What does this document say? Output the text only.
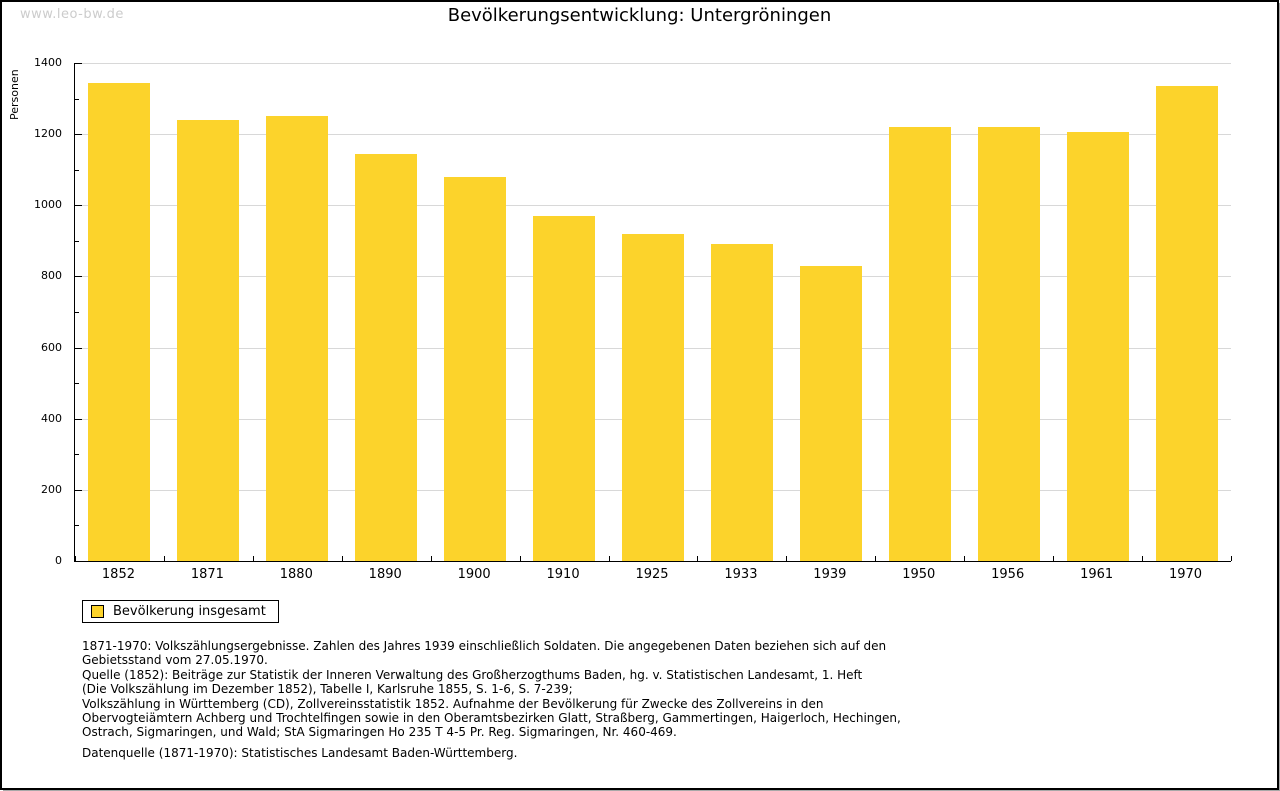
www.leo-bw.de	Bevölkerungsentwicklung: Untergröningen
Personen
0
200
400
600
800
1000
1200
1400
1852	1871	1880	1890	1900	1910	1925	1933	1939	1950	1956	1961	1970
Bevölkerung insgesamt
1871-1970: Volkszählungsergebnisse. Zahlen des Jahres 1939 einschließlich Soldaten. Die angegebenen Daten beziehen sich auf den
Gebietsstand vom 27.05.1970.
Quelle (1852): Beiträge zur Statistik der Inneren Verwaltung des Großherzogthums Baden, hg. v. Statistischen Landesamt, 1. Heft
(Die Volkszählung im Dezember 1852), Tabelle I, Karlsruhe 1855, S. 1-6, S. 7-239;
Volkszählung in Württemberg (CD), Zollvereinsstatistik 1852. Aufnahme der Bevölkerung für Zwecke des Zollvereins in den
Obervogteiämtern Achberg und Trochtelfingen sowie in den Oberamtsbezirken Glatt, Straßberg, Gammertingen, Haigerloch, Hechingen,
Ostrach, Sigmaringen, und Wald; StA Sigmaringen Ho 235 T 4-5 Pr. Reg. Sigmaringen, Nr. 460-469.
Datenquelle (1871-1970): Statistisches Landesamt Baden-Württemberg.
